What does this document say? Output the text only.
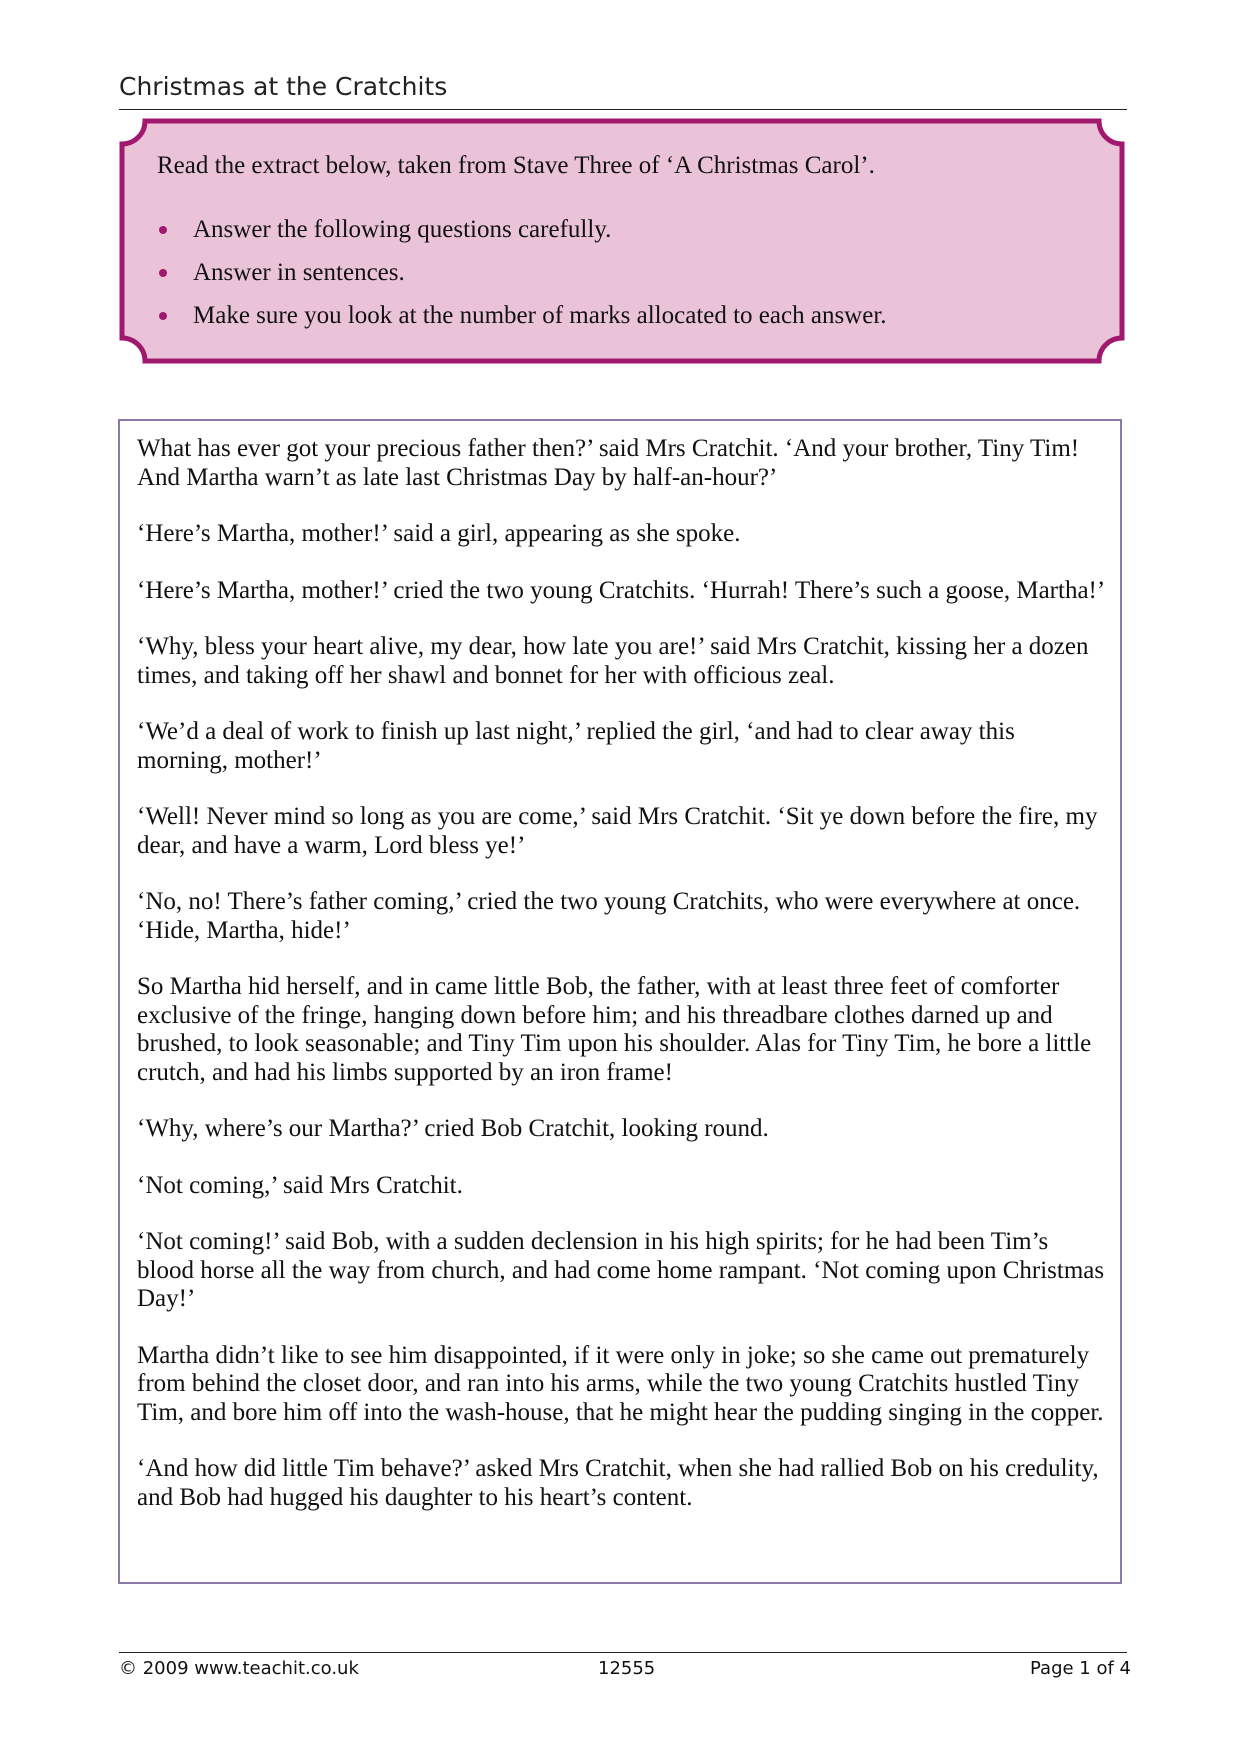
Christmas at the Cratchits
Read the extract below, taken from Stave Three of ‘A Christmas Carol’.
Answer the following questions carefully.
Answer in sentences.
Make sure you look at the number of marks allocated to each answer.

What has ever got your precious father then?’ said Mrs Cratchit. ‘And your brother, Tiny Tim! And Martha warn’t as late last Christmas Day by half-an-hour?’

‘Here’s Martha, mother!’ said a girl, appearing as she spoke.

‘Here’s Martha, mother!’ cried the two young Cratchits. ‘Hurrah! There’s such a goose, Martha!’

‘Why, bless your heart alive, my dear, how late you are!’ said Mrs Cratchit, kissing her a dozen times, and taking off her shawl and bonnet for her with officious zeal.

‘We’d a deal of work to finish up last night,’ replied the girl, ‘and had to clear away this morning, mother!’

‘Well! Never mind so long as you are come,’ said Mrs Cratchit. ‘Sit ye down before the fire, my dear, and have a warm, Lord bless ye!’

‘No, no! There’s father coming,’ cried the two young Cratchits, who were everywhere at once. ‘Hide, Martha, hide!’

So Martha hid herself, and in came little Bob, the father, with at least three feet of comforter exclusive of the fringe, hanging down before him; and his threadbare clothes darned up and brushed, to look seasonable; and Tiny Tim upon his shoulder. Alas for Tiny Tim, he bore a little crutch, and had his limbs supported by an iron frame!

‘Why, where’s our Martha?’ cried Bob Cratchit, looking round.

‘Not coming,’ said Mrs Cratchit.

‘Not coming!’ said Bob, with a sudden declension in his high spirits; for he had been Tim’s blood horse all the way from church, and had come home rampant. ‘Not coming upon Christmas Day!’

Martha didn’t like to see him disappointed, if it were only in joke; so she came out prematurely from behind the closet door, and ran into his arms, while the two young Cratchits hustled Tiny Tim, and bore him off into the wash-house, that he might hear the pudding singing in the copper.

‘And how did little Tim behave?’ asked Mrs Cratchit, when she had rallied Bob on his credulity, and Bob had hugged his daughter to his heart’s content.

© 2009 www.teachit.co.uk	12555	Page 1 of 4
